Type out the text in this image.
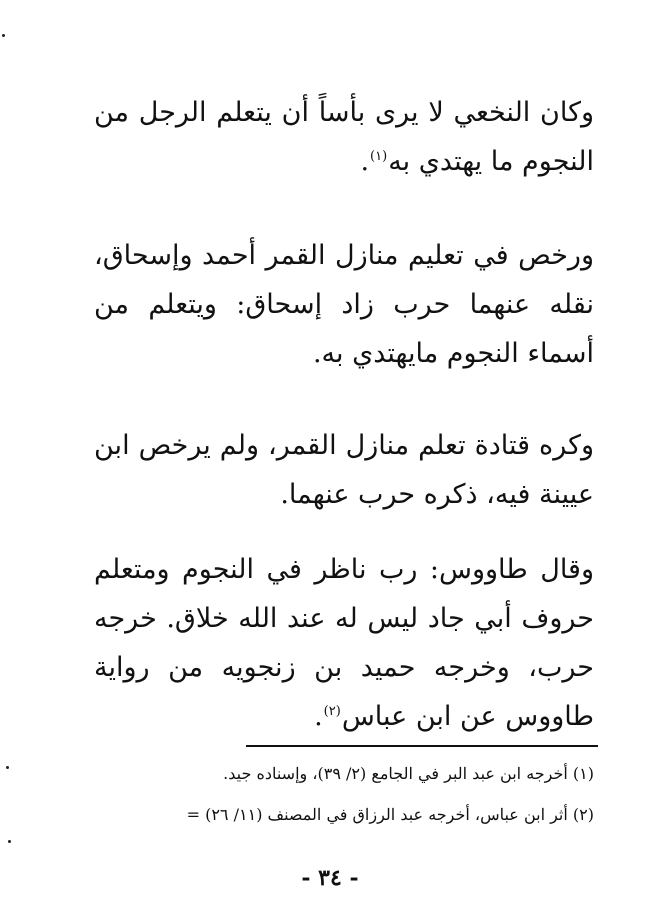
وكان النخعي لا يرى بأساً أن يتعلم الرجل من النجوم ما يهتدي به$^{(١)}$.

ورخص في تعليم منازل القمر أحمد وإسحاق، نقله عنهما حرب زاد إسحاق: ويتعلم من أسماء النجوم مايهتدي به.

وكره قتادة تعلم منازل القمر، ولم يرخص ابن عيينة فيه، ذكره حرب عنهما.

وقال طاووس: رب ناظر في النجوم ومتعلم حروف أبي جاد ليس له عند الله خلاق. خرجه حرب، وخرجه حميد بن زنجويه من رواية طاووس عن ابن عباس$^{(٢)}$.

(١) أخرجه ابن عبد البر في الجامع (٢/ ٣٩)، وإسناده جيد.

(٢) أثر ابن عباس، أخرجه عبد الرزاق في المصنف (١١/ ٢٦) =

- ٣٤ -
